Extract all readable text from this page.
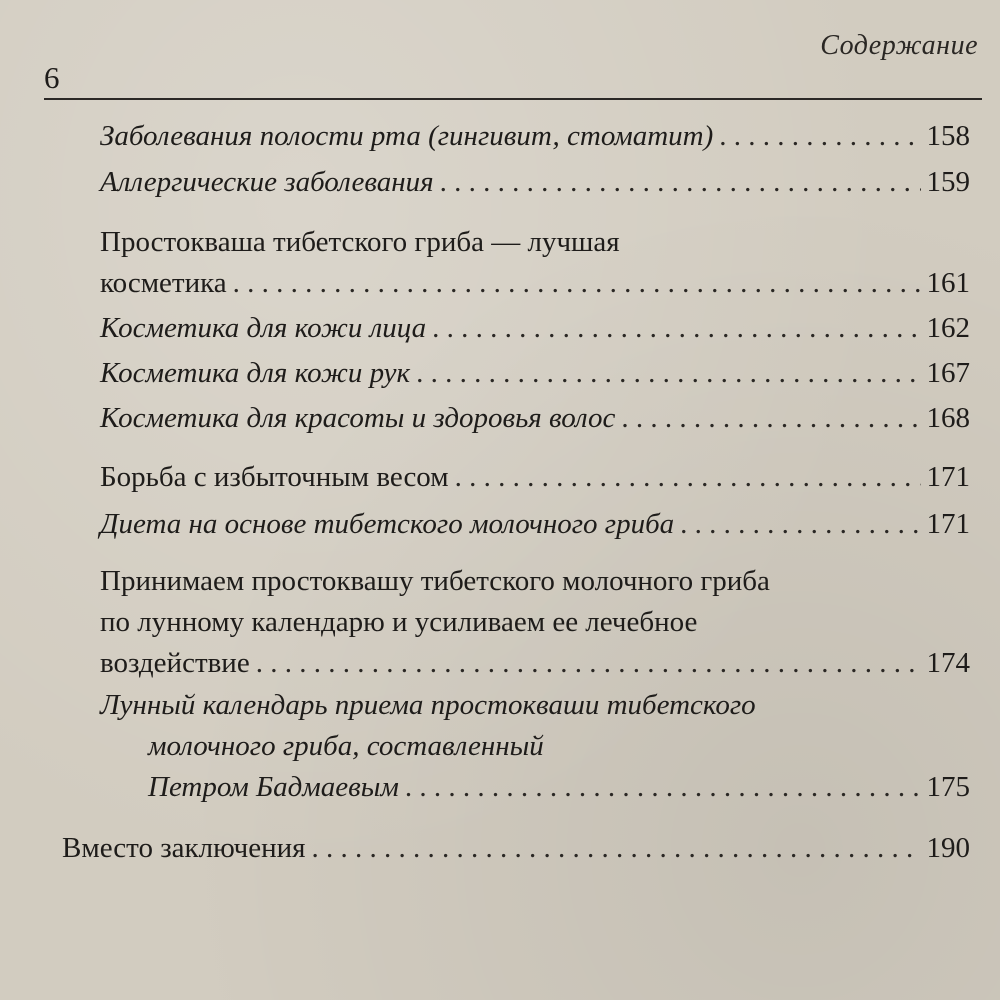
Содержание
6
Заболевания полости рта (гингивит, стоматит) . . .	158
Аллергические заболевания . . .	159
Простокваша тибетского гриба — лучшая
косметика . . .	161
Косметика для кожи лица . . .	162
Косметика для кожи рук . . .	167
Косметика для красоты и здоровья волос . . .	168
Борьба с избыточным весом . . .	171
Диета на основе тибетского молочного гриба . . .	171
Принимаем простоквашу тибетского молочного гриба
по лунному календарю и усиливаем ее лечебное
воздействие . . .	174
Лунный календарь приема простокваши тибетского
молочного гриба, составленный
Петром Бадмаевым . . .	175
Вместо заключения . . .	190
